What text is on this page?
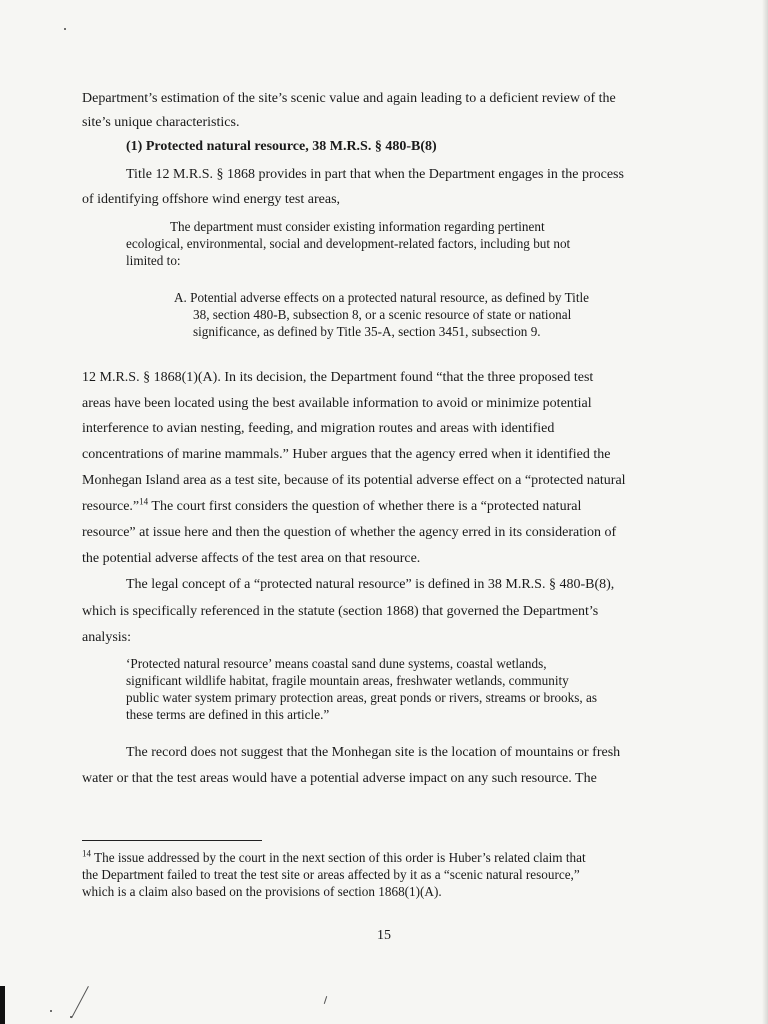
Department’s estimation of the site’s scenic value and again leading to a deficient review of the

site’s unique characteristics.

(1) Protected natural resource, 38 M.R.S. § 480-B(8)

Title 12 M.R.S. § 1868 provides in part that when the Department engages in the process

of identifying offshore wind energy test areas,

The department must consider existing information regarding pertinent

ecological, environmental, social and development-related factors, including but not

limited to:

A. Potential adverse effects on a protected natural resource, as defined by Title

38, section 480-B, subsection 8, or a scenic resource of state or national

significance, as defined by Title 35-A, section 3451, subsection 9.

12 M.R.S. § 1868(1)(A). In its decision, the Department found “that the three proposed test

areas have been located using the best available information to avoid or minimize potential

interference to avian nesting, feeding, and migration routes and areas with identified

concentrations of marine mammals.” Huber argues that the agency erred when it identified the

Monhegan Island area as a test site, because of its potential adverse effect on a “protected natural

resource.”$^{14}$ The court first considers the question of whether there is a “protected natural

resource” at issue here and then the question of whether the agency erred in its consideration of

the potential adverse affects of the test area on that resource.

The legal concept of a “protected natural resource” is defined in 38 M.R.S. § 480-B(8),

which is specifically referenced in the statute (section 1868) that governed the Department’s

analysis:

‘Protected natural resource’ means coastal sand dune systems, coastal wetlands,

significant wildlife habitat, fragile mountain areas, freshwater wetlands, community

public water system primary protection areas, great ponds or rivers, streams or brooks, as

these terms are defined in this article.”

The record does not suggest that the Monhegan site is the location of mountains or fresh

water or that the test areas would have a potential adverse impact on any such resource. The

$^{14}$ The issue addressed by the court in the next section of this order is Huber’s related claim that

the Department failed to treat the test site or areas affected by it as a “scenic natural resource,”

which is a claim also based on the provisions of section 1868(1)(A).

15
